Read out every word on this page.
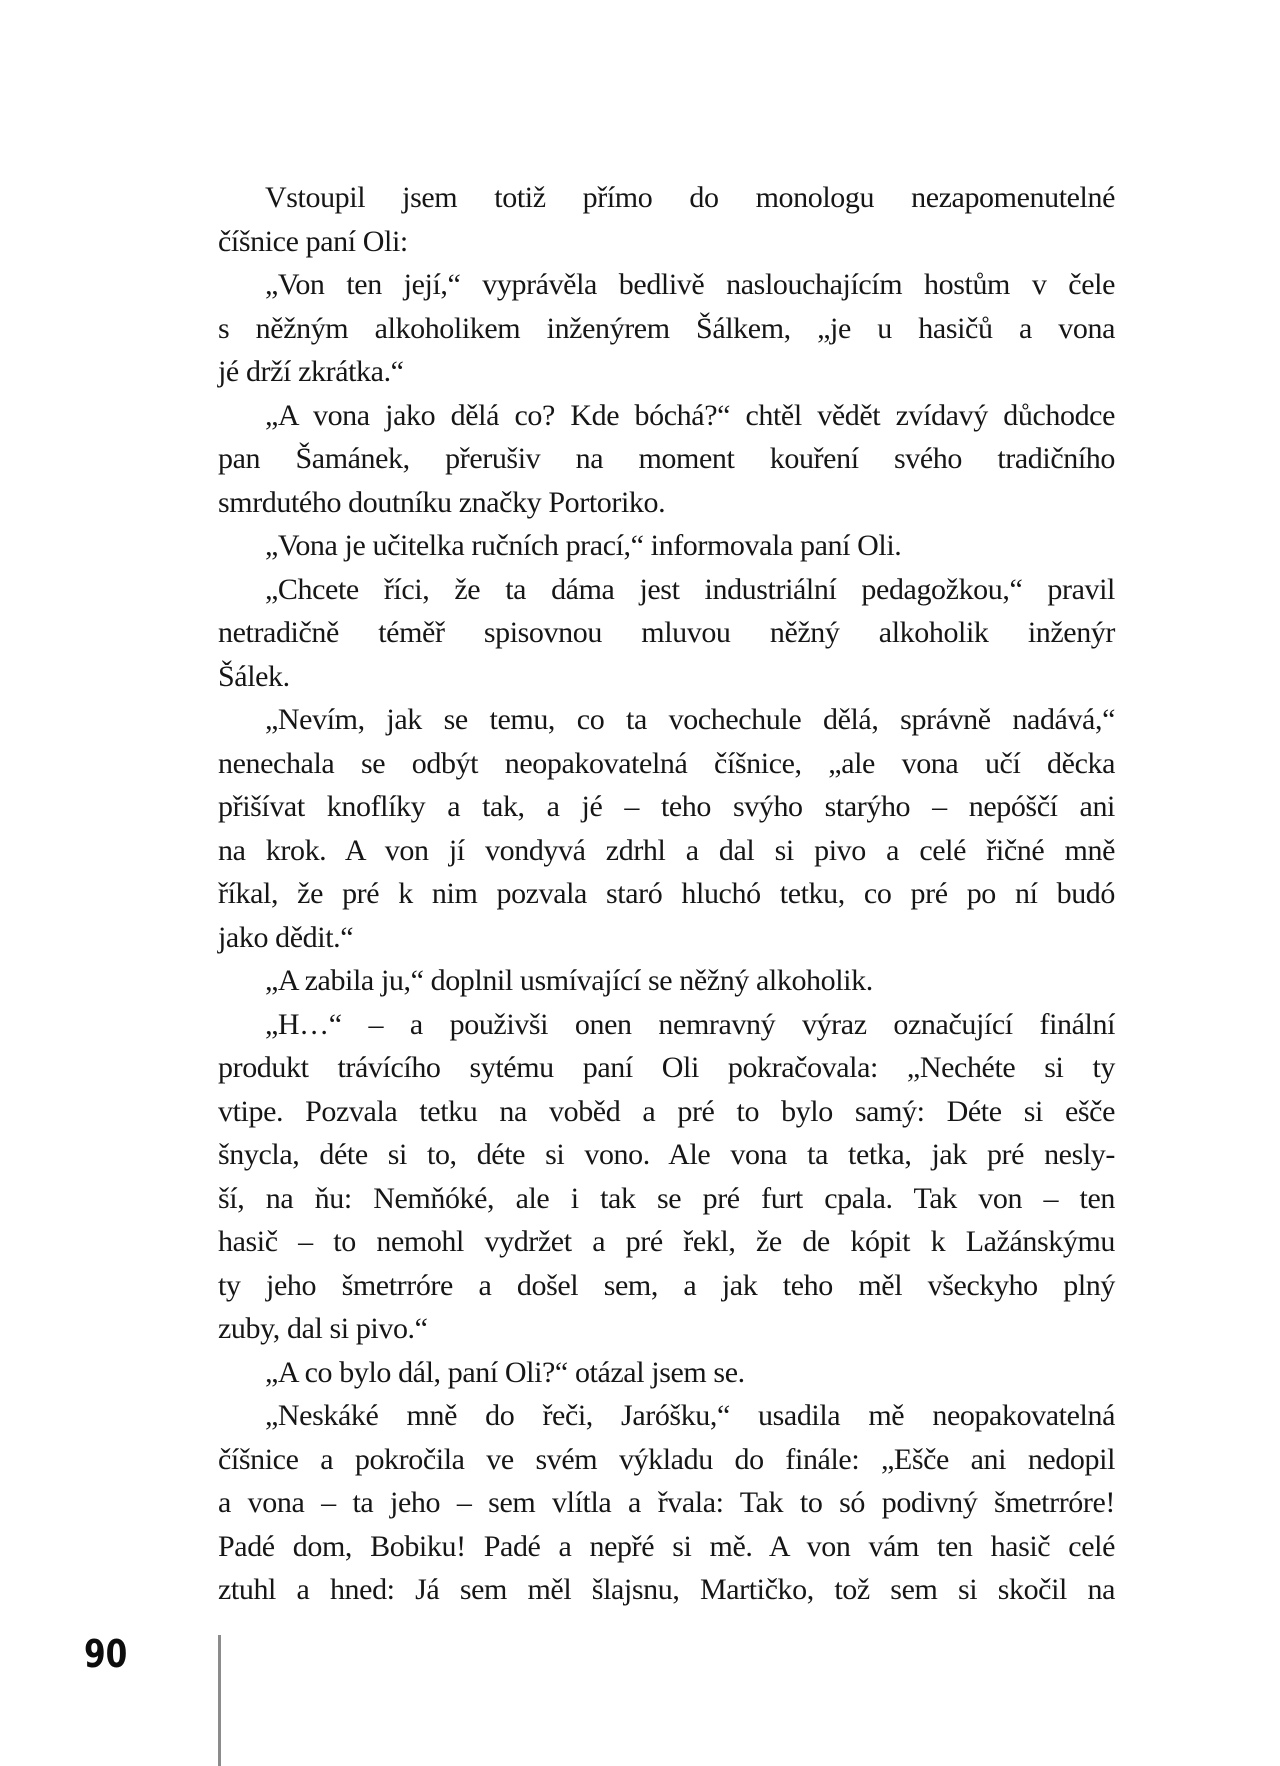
Vstoupil jsem totiž přímo do monologu nezapomenutelné
číšnice paní Oli:
„Von ten její,“ vyprávěla bedlivě naslouchajícím hostům v čele
s něžným alkoholikem inženýrem Šálkem, „je u hasičů a vona
jé drží zkrátka.“
„A vona jako dělá co? Kde bóchá?“ chtěl vědět zvídavý důchodce
pan Šamánek, přerušiv na moment kouření svého tradičního
smrdutého doutníku značky Portoriko.
„Vona je učitelka ručních prací,“ informovala paní Oli.
„Chcete říci, že ta dáma jest industriální pedagožkou,“ pravil
netradičně téměř spisovnou mluvou něžný alkoholik inženýr
Šálek.
„Nevím, jak se temu, co ta vochechule dělá, správně nadává,“
nenechala se odbýt neopakovatelná číšnice, „ale vona učí děcka
přišívat knoflíky a tak, a jé – teho svýho starýho – nepóščí ani
na krok. A von jí vondyvá zdrhl a dal si pivo a celé řičné mně
říkal, že pré k nim pozvala staró hluchó tetku, co pré po ní budó
jako dědit.“
„A zabila ju,“ doplnil usmívající se něžný alkoholik.
„H…“ – a použivši onen nemravný výraz označující finální
produkt trávícího sytému paní Oli pokračovala: „Nechéte si ty
vtipe. Pozvala tetku na voběd a pré to bylo samý: Déte si ešče
šnycla, déte si to, déte si vono. Ale vona ta tetka, jak pré nesly-
ší, na ňu: Nemňóké, ale i tak se pré furt cpala. Tak von – ten
hasič – to nemohl vydržet a pré řekl, že de kópit k Lažánskýmu
ty jeho šmetrróre a došel sem, a jak teho měl všeckyho plný
zuby, dal si pivo.“
„A co bylo dál, paní Oli?“ otázal jsem se.
„Neskáké mně do řeči, Jaróšku,“ usadila mě neopakovatelná
číšnice a pokročila ve svém výkladu do finále: „Ešče ani nedopil
a vona – ta jeho – sem vlítla a řvala: Tak to só podivný šmetrróre!
Padé dom, Bobiku! Padé a nepřé si mě. A von vám ten hasič celé
ztuhl a hned: Já sem měl šlajsnu, Martičko, tož sem si skočil na
90
